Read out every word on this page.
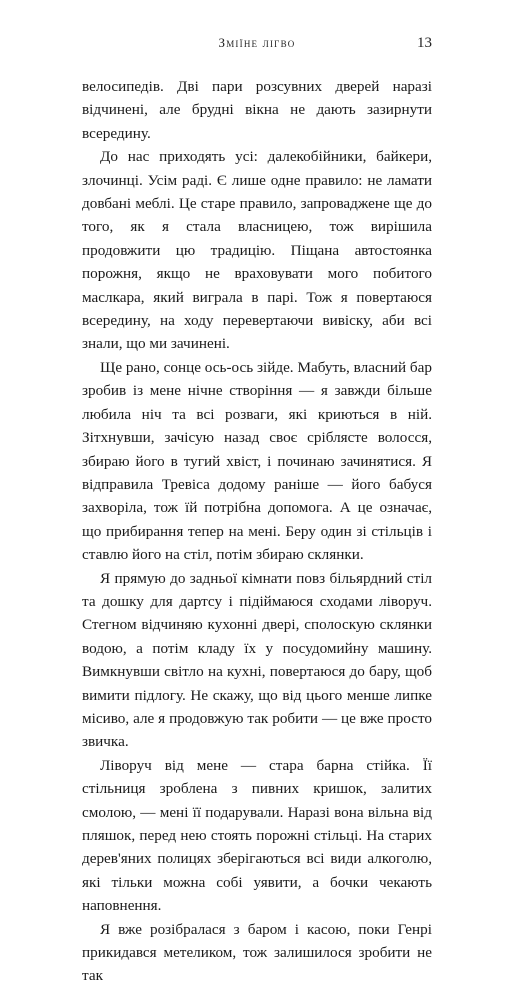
Зміїне лігво	13

велосипедів. Дві пари розсувних дверей наразі відчинені, але брудні вікна не дають зазирнути всередину.

До нас приходять усі: далекобійники, байкери, злочинці. Усім раді. Є лише одне правило: не ламати довбані меблі. Це старе правило, запроваджене ще до того, як я стала власницею, тож вирішила продовжити цю традицію. Піщана автостоянка порожня, якщо не враховувати мого побитого маслкара, який виграла в парі. Тож я повертаюся всередину, на ходу перевертаючи вивіску, аби всі знали, що ми зачинені.

Ще рано, сонце ось-ось зійде. Мабуть, власний бар зробив із мене нічне створіння — я завжди більше любила ніч та всі розваги, які криються в ній. Зітхнувши, зачісую назад своє сріблясте волосся, збираю його в тугий хвіст, і починаю зачинятися. Я відправила Тревіса додому раніше — його бабуся захворіла, тож їй потрібна допомога. А це означає, що прибирання тепер на мені. Беру один зі стільців і ставлю його на стіл, потім збираю склянки.

Я прямую до задньої кімнати повз більярдний стіл та дошку для дартсу і підіймаюся сходами ліворуч. Стегном відчиняю кухонні двері, сполоскую склянки водою, а потім кладу їх у посудомийну машину. Вимкнувши світло на кухні, повертаюся до бару, щоб вимити підлогу. Не скажу, що від цього менше липке місиво, але я продовжую так робити — це вже просто звичка.

Ліворуч від мене — стара барна стійка. Її стільниця зроблена з пивних кришок, залитих смолою, — мені її подарували. Наразі вона вільна від пляшок, перед нею стоять порожні стільці. На старих дерев'яних полицях зберігаються всі види алкоголю, які тільки можна собі уявити, а бочки чекають наповнення.

Я вже розібралася з баром і касою, поки Генрі прикидався метеликом, тож залишилося зробити не так
